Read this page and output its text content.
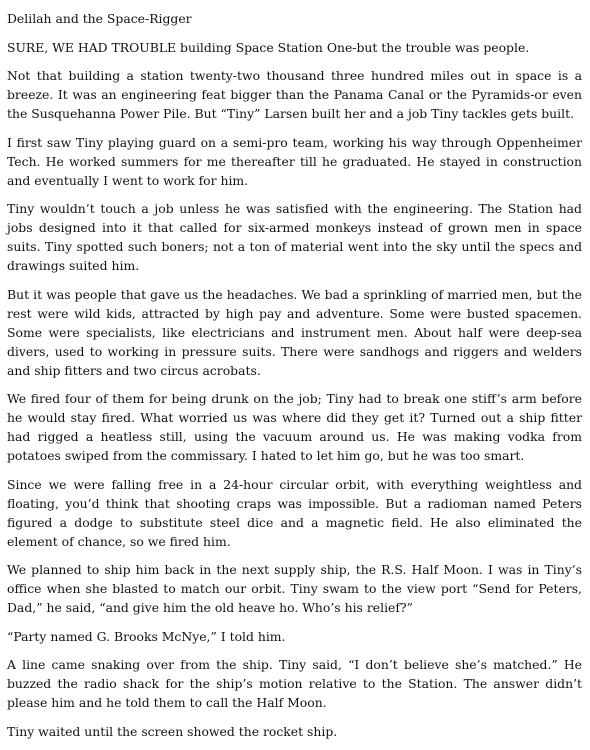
Delilah and the Space-Rigger

SURE, WE HAD TROUBLE building Space Station One-but the trouble was people.

Not that building a station twenty-two thousand three hundred miles out in space is a breeze. It was an engineering feat bigger than the Panama Canal or the Pyramids-or even the Susquehanna Power Pile. But “Tiny” Larsen built her and a job Tiny tackles gets built.

I first saw Tiny playing guard on a semi-pro team, working his way through Oppenheimer Tech. He worked summers for me thereafter till he graduated. He stayed in construction and eventually I went to work for him.

Tiny wouldn’t touch a job unless he was satisfied with the engineering. The Station had jobs designed into it that called for six-armed monkeys instead of grown men in space suits. Tiny spotted such boners; not a ton of material went into the sky until the specs and drawings suited him.

But it was people that gave us the headaches. We bad a sprinkling of married men, but the rest were wild kids, attracted by high pay and adventure. Some were busted spacemen. Some were specialists, like electricians and instrument men. About half were deep-sea divers, used to working in pressure suits. There were sandhogs and riggers and welders and ship fitters and two circus acrobats.

We fired four of them for being drunk on the job; Tiny had to break one stiff’s arm before he would stay fired. What worried us was where did they get it? Turned out a ship fitter had rigged a heatless still, using the vacuum around us. He was making vodka from potatoes swiped from the commissary. I hated to let him go, but he was too smart.

Since we were falling free in a 24-hour circular orbit, with everything weightless and floating, you’d think that shooting craps was impossible. But a radioman named Peters figured a dodge to substitute steel dice and a magnetic field. He also eliminated the element of chance, so we fired him.

We planned to ship him back in the next supply ship, the R.S. Half Moon. I was in Tiny’s office when she blasted to match our orbit. Tiny swam to the view port “Send for Peters, Dad,” he said, “and give him the old heave ho. Who’s his relief?”

“Party named G. Brooks McNye,” I told him.

A line came snaking over from the ship. Tiny said, “I don’t believe she’s matched.” He buzzed the radio shack for the ship’s motion relative to the Station. The answer didn’t please him and he told them to call the Half Moon.

Tiny waited until the screen showed the rocket ship.
